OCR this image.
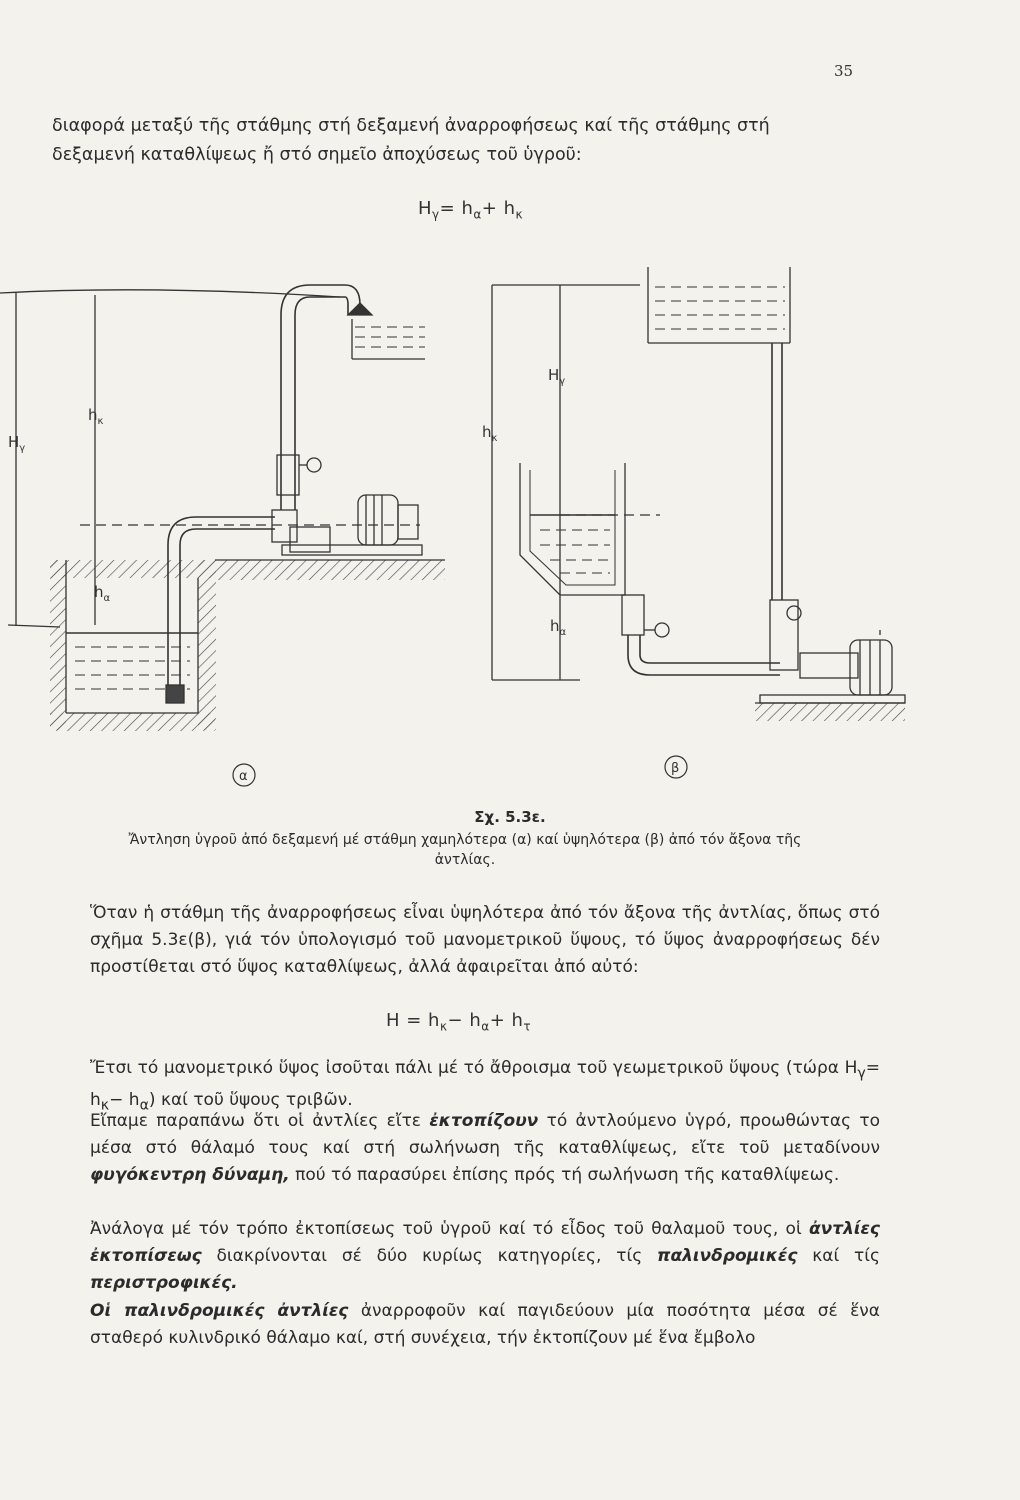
35
διαφορά μεταξύ τῆς στάθμης στή δεξαμενή ἀναρροφήσεως καί τῆς στάθμης στή
δεξαμενή καταθλίψεως ἤ στό σημεῖο ἀποχύσεως τοῦ ὑγροῦ:
$H_\gamma= h_\alpha+ h_\kappa$
$H_\gamma$
$h_\kappa$
$h_\alpha$
α
$H_\gamma$
$h_\kappa$
$h_\alpha$
β
Σχ. 5.3ε.
Ἄντληση ὑγροῦ ἀπό δεξαμενή μέ στάθμη χαμηλότερα (α) καί ὑψηλότερα (β) ἀπό τόν ἄξονα τῆς
ἀντλίας.

Ὅταν ἡ στάθμη τῆς ἀναρροφήσεως εἶναι ὑψηλότερα ἀπό τόν ἄξονα τῆς ἀντλίας, ὅπως στό σχῆμα 5.3ε(β), γιά τόν ὑπολογισμό τοῦ μανομετρικοῦ ὕψους, τό ὕψος ἀναρροφήσεως δέν προστίθεται στό ὕψος καταθλίψεως, ἀλλά ἀφαιρεῖται ἀπό αὐτό:

$H = h_\kappa- h_\alpha+ h_\tau$

Ἔτσι τό μανομετρικό ὕψος ἰσοῦται πάλι μέ τό ἄθροισμα τοῦ γεωμετρικοῦ ὕψους (τώρα $H_\gamma= h_\kappa- h_\alpha$) καί τοῦ ὕψους τριβῶν.

Εἴπαμε παραπάνω ὅτι οἱ ἀντλίες εἴτε ἐκτοπίζουν τό ἀντλούμενο ὑγρό, προωθώντας το μέσα στό θάλαμό τους καί στή σωλήνωση τῆς καταθλίψεως, εἴτε τοῦ μεταδίνουν φυγόκεντρη δύναμη, πού τό παρασύρει ἐπίσης πρός τή σωλήνωση τῆς καταθλίψεως.

Ἀνάλογα μέ τόν τρόπο ἐκτοπίσεως τοῦ ὑγροῦ καί τό εἶδος τοῦ θαλαμοῦ τους, οἱ ἀντλίες ἐκτοπίσεως διακρίνονται σέ δύο κυρίως κατηγορίες, τίς παλινδρομικές καί τίς περιστροφικές.

Οἱ παλινδρομικές ἀντλίες ἀναρροφοῦν καί παγιδεύουν μία ποσότητα μέσα σέ ἕνα σταθερό κυλινδρικό θάλαμο καί, στή συνέχεια, τήν ἐκτοπίζουν μέ ἕνα ἔμβολο
